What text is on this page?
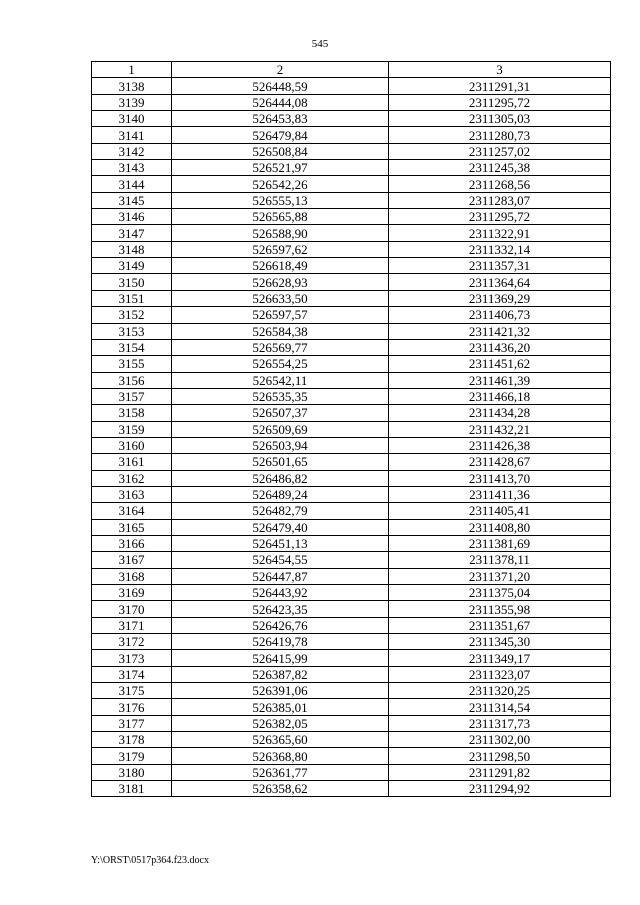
545
1	2	3
3138	526448,59	2311291,31
3139	526444,08	2311295,72
3140	526453,83	2311305,03
3141	526479,84	2311280,73
3142	526508,84	2311257,02
3143	526521,97	2311245,38
3144	526542,26	2311268,56
3145	526555,13	2311283,07
3146	526565,88	2311295,72
3147	526588,90	2311322,91
3148	526597,62	2311332,14
3149	526618,49	2311357,31
3150	526628,93	2311364,64
3151	526633,50	2311369,29
3152	526597,57	2311406,73
3153	526584,38	2311421,32
3154	526569,77	2311436,20
3155	526554,25	2311451,62
3156	526542,11	2311461,39
3157	526535,35	2311466,18
3158	526507,37	2311434,28
3159	526509,69	2311432,21
3160	526503,94	2311426,38
3161	526501,65	2311428,67
3162	526486,82	2311413,70
3163	526489,24	2311411,36
3164	526482,79	2311405,41
3165	526479,40	2311408,80
3166	526451,13	2311381,69
3167	526454,55	2311378,11
3168	526447,87	2311371,20
3169	526443,92	2311375,04
3170	526423,35	2311355,98
3171	526426,76	2311351,67
3172	526419,78	2311345,30
3173	526415,99	2311349,17
3174	526387,82	2311323,07
3175	526391,06	2311320,25
3176	526385,01	2311314,54
3177	526382,05	2311317,73
3178	526365,60	2311302,00
3179	526368,80	2311298,50
3180	526361,77	2311291,82
3181	526358,62	2311294,92
Y:\ORST\0517p364.f23.docx
